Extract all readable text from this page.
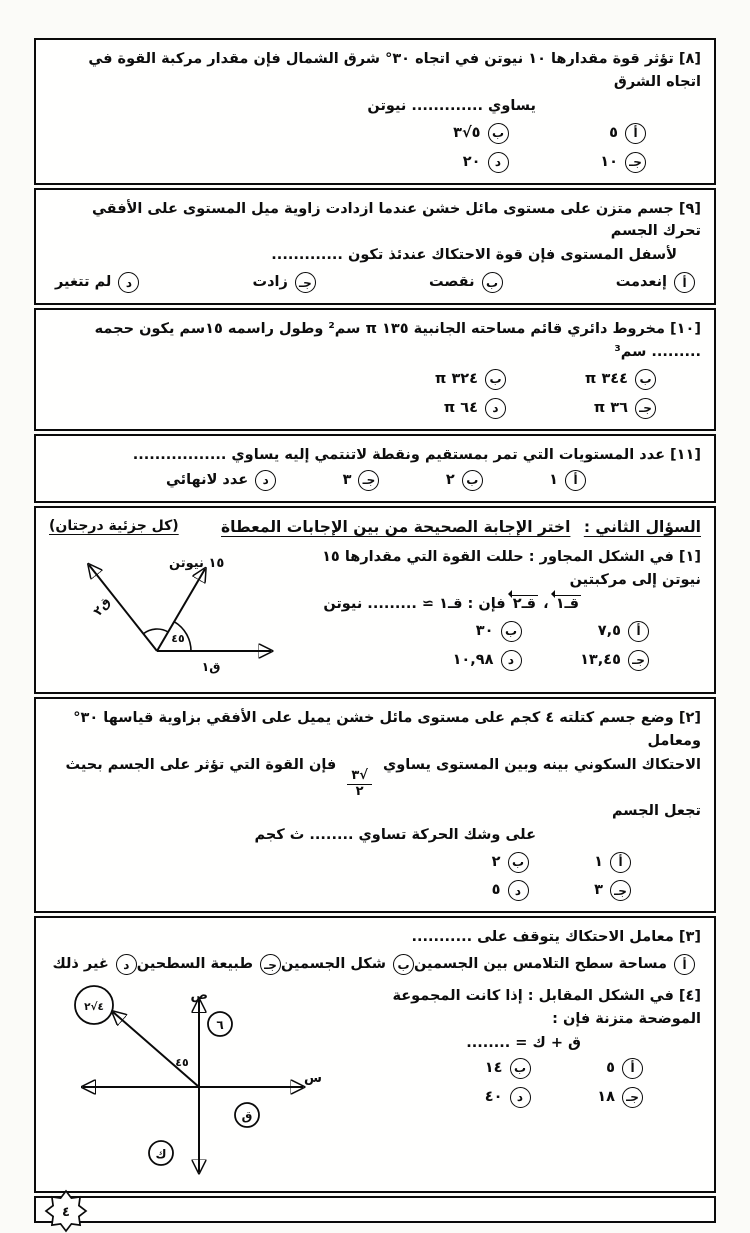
[٨] تؤثر قوة مقدارها ١٠ نيوتن في اتجاه ٣٠° شرق الشمال فإن مقدار مركبة القوة في اتجاه الشرق

يساوي ............. نيوتن

أ
٥
ب
٥√٣
جـ
١٠
د
٢٠

[٩] جسم متزن على مستوى مائل خشن عندما ازدادت زاوية ميل المستوى على الأفقي تحرك الجسم

لأسفل المستوى فإن قوة الاحتكاك عندئذ تكون .............

أ
إنعدمت
ب
نقصت
جـ
زادت
د
لم تتغير

[١٠] مخروط دائري قائم مساحته الجانبية ١٣٥ π سم² وطول راسمه ١٥سم يكون حجمه ......... سم³

ب
٣٤٤ π
ب
٣٢٤ π
جـ
٣٦ π
د
٦٤ π

[١١] عدد المستويات التي تمر بمستقيم ونقطة لاتنتمي إليه يساوي .................

أ
١
ب
٢
جـ
٣
د
عدد لانهائي
السؤال الثاني : اختر الإجابة الصحيحة من بين الإجابات المعطاة
(كل جزئية درجتان)

[١] في الشكل المجاور : حللت القوة التي مقدارها ١٥ نيوتن إلى مركبتين

قـ١ ، قـ٢ فإن : قـ١ ≃ ......... نيوتن

أ
٧,٥
ب
٣٠
جـ
١٣,٤٥
د
١٠,٩٨
٤٥
١٥ نيوتن
ق١
ق٢

[٢] وضع جسم كتلته ٤ كجم على مستوى مائل خشن يميل على الأفقي بزاوية قياسها ٣٠° ومعامل

الاحتكاك السكوني بينه وبين المستوى يساوي
$\frac{√٣}{٢}$
فإن القوة التي تؤثر على الجسم بحيث تجعل الجسم

على وشك الحركة تساوي ........ ث كجم

أ
١
ب
٢
جـ
٣
د
٥

[٣] معامل الاحتكاك يتوقف على ...........

أ
مساحة سطح التلامس بين الجسمين
ب
شكل الجسمين
جـ
طبيعة السطحين
د
غير ذلك

[٤] في الشكل المقابل : إذا كانت المجموعة الموضحة متزنة فإن :

ق + ك = ........

أ
٥
ب
١٤
جـ
١٨
د
٤٠
س
ص
٤٥
٤√٢
٦
ق
ك
٤
